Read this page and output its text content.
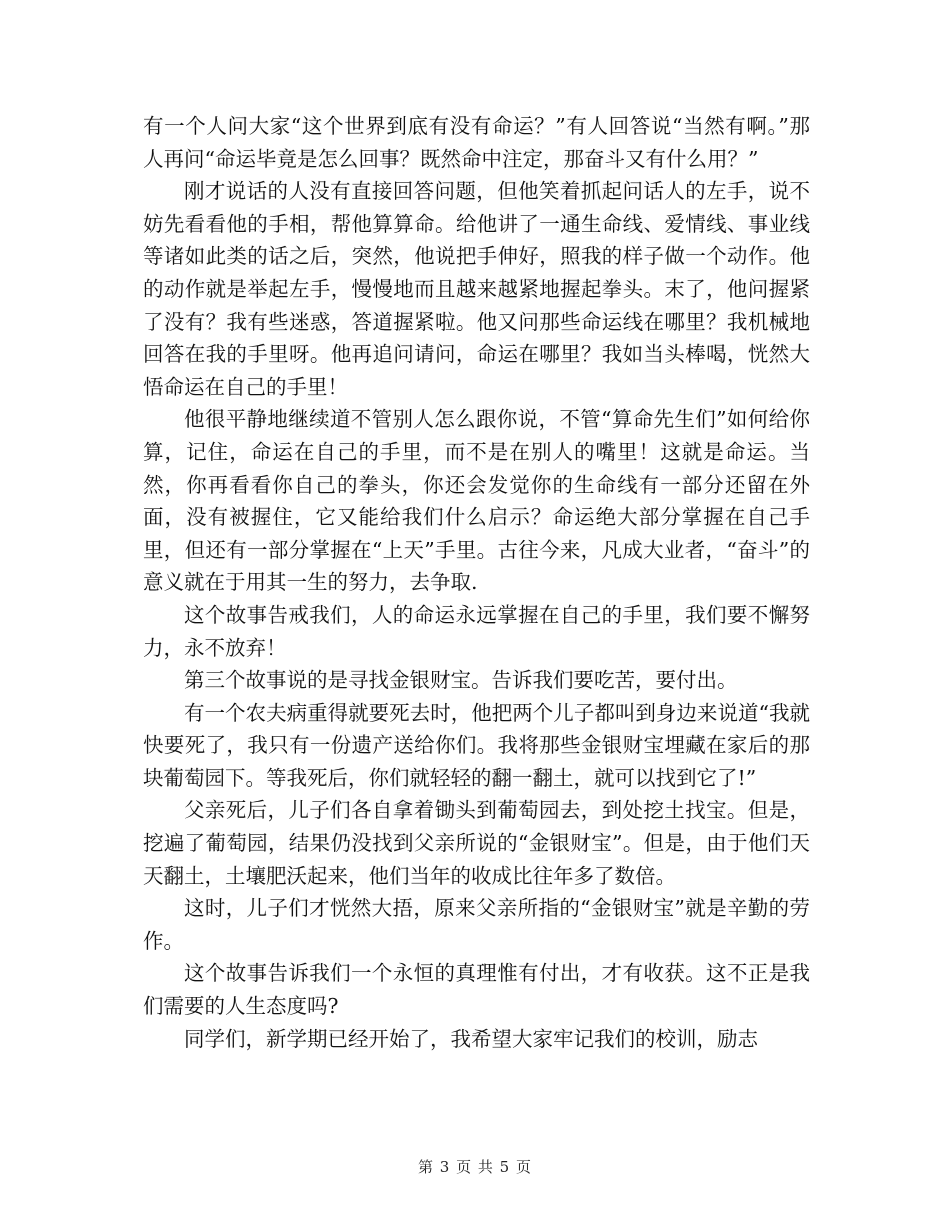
有一个人问大家“这个世界到底有没有命运？”有人回答说“当然有啊。”那人再问“命运毕竟是怎么回事？既然命中注定，那奋斗又有什么用？”

刚才说话的人没有直接回答问题，但他笑着抓起问话人的左手，说不妨先看看他的手相，帮他算算命。给他讲了一通生命线、爱情线、事业线等诸如此类的话之后，突然，他说把手伸好，照我的样子做一个动作。他的动作就是举起左手，慢慢地而且越来越紧地握起拳头。末了，他问握紧了没有？我有些迷惑，答道握紧啦。他又问那些命运线在哪里？我机械地回答在我的手里呀。他再追问请问，命运在哪里？我如当头棒喝，恍然大悟命运在自己的手里！

他很平静地继续道不管别人怎么跟你说，不管“算命先生们”如何给你算，记住，命运在自己的手里，而不是在别人的嘴里！这就是命运。当然，你再看看你自己的拳头，你还会发觉你的生命线有一部分还留在外面，没有被握住，它又能给我们什么启示？命运绝大部分掌握在自己手里，但还有一部分掌握在“上天”手里。古往今来，凡成大业者，“奋斗”的意义就在于用其一生的努力，去争取.

这个故事告戒我们，人的命运永远掌握在自己的手里，我们要不懈努力，永不放弃！

第三个故事说的是寻找金银财宝。告诉我们要吃苦，要付出。

有一个农夫病重得就要死去时，他把两个儿子都叫到身边来说道“我就快要死了，我只有一份遗产送给你们。我将那些金银财宝埋藏在家后的那块葡萄园下。等我死后，你们就轻轻的翻一翻土，就可以找到它了!”

父亲死后，儿子们各自拿着锄头到葡萄园去，到处挖土找宝。但是，挖遍了葡萄园，结果仍没找到父亲所说的“金银财宝”。但是，由于他们天天翻土，土壤肥沃起来，他们当年的收成比往年多了数倍。

这时，儿子们才恍然大捂，原来父亲所指的“金银财宝”就是辛勤的劳作。

这个故事告诉我们一个永恒的真理惟有付出，才有收获。这不正是我们需要的人生态度吗?

同学们，新学期已经开始了，我希望大家牢记我们的校训，励志

第 3 页 共 5 页
